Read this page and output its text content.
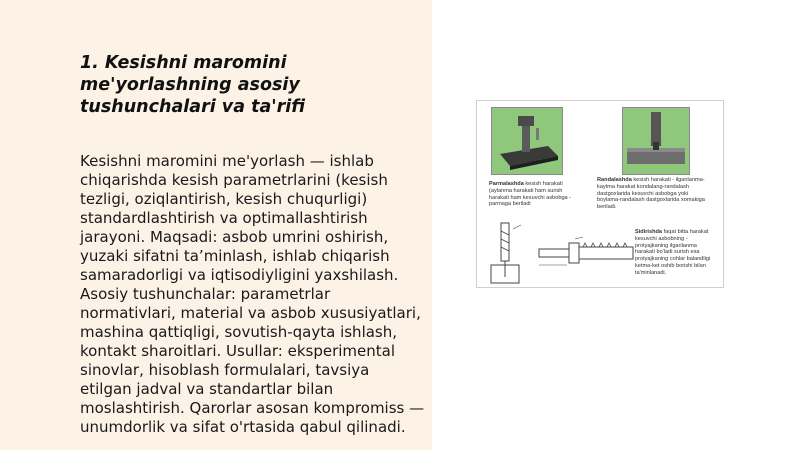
1. Kesishni maromini me'yorlashning asosiy tushunchalari va ta'rifi

Kesishni maromini me'yorlash — ishlab chiqarishda kesish parametrlarini (kesish tezligi, oziqlantirish, kesish chuqurligi) standardlashtirish va optimallashtirish jarayoni. Maqsadi: asbob umrini oshirish, yuzaki sifatni ta’minlash, ishlab chiqarish samaradorligi va iqtisodiyligini yaxshilash. Asosiy tushunchalar: parametrlar normativlari, material va asbob xususiyatlari, mashina qattiqligi, sovutish-qayta ishlash, kontakt sharoitlari. Usullar: eksperimental sinovlar, hisoblash formulalari, tavsiya etilgan jadval va standartlar bilan moslashtirish. Qarorlar asosan kompromiss — unumdorlik va sifat o'rtasida qabul qilinadi.

Parmalashda kesish harakati (aylanma harakati ham surish harakati ham kesuvchi asbobga - parmaga beriladi

Randalashda kesish harakati - ilgarilanma-kaytma harakat kondalang-randalash dastgoxlarida kesuvchi asbobga yoki boylama-randalash dastgoxlarida xomakiga beriladi.

Sidirishda faqat bitta harakat kesuvchi asbobning - protyajkaning ilgarilanma harakati bo'ladi surish esa protyajkaning cohlar balandligi ketma-ket oshib borishi bilan ta'minlanadi.
